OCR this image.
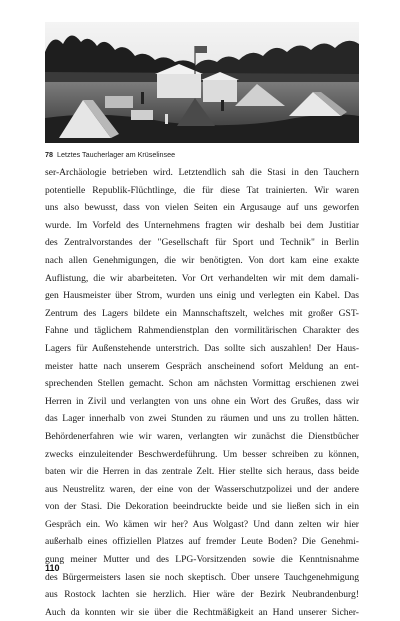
78 Letztes Taucherlager am Krüselinsee
ser-Archäologie betrieben wird. Letztendlich sah die Stasi in den Tauchern
potentielle Republik-Flüchtlinge, die für diese Tat trainierten. Wir waren
uns also bewusst, dass von vielen Seiten ein Argusauge auf uns geworfen
wurde. Im Vorfeld des Unternehmens fragten wir deshalb bei dem Justitiar
des Zentralvorstandes der "Gesellschaft für Sport und Technik" in Berlin
nach allen Genehmigungen, die wir benötigten. Von dort kam eine exakte
Auflistung, die wir abarbeiteten. Vor Ort verhandelten wir mit dem damali-
gen Hausmeister über Strom, wurden uns einig und verlegten ein Kabel. Das
Zentrum des Lagers bildete ein Mannschaftszelt, welches mit großer GST-
Fahne und täglichem Rahmendienstplan den vormilitärischen Charakter des
Lagers für Außenstehende unterstrich. Das sollte sich auszahlen! Der Haus-
meister hatte nach unserem Gespräch anscheinend sofort Meldung an ent-
sprechenden Stellen gemacht. Schon am nächsten Vormittag erschienen zwei
Herren in Zivil und verlangten von uns ohne ein Wort des Grußes, dass wir
das Lager innerhalb von zwei Stunden zu räumen und uns zu trollen hätten.
Behördenerfahren wie wir waren, verlangten wir zunächst die Dienstbücher
zwecks einzuleitender Beschwerdeführung. Um besser schreiben zu können,
baten wir die Herren in das zentrale Zelt. Hier stellte sich heraus, dass beide
aus Neustrelitz waren, der eine von der Wasserschutzpolizei und der andere
von der Stasi. Die Dekoration beeindruckte beide und sie ließen sich in ein
Gespräch ein. Wo kämen wir her? Aus Wolgast? Und dann zelten wir hier
außerhalb eines offiziellen Platzes auf fremder Leute Boden? Die Genehmi-
gung meiner Mutter und des LPG-Vorsitzenden sowie die Kenntnisnahme
des Bürgermeisters lasen sie noch skeptisch. Über unsere Tauchgenehmigung
aus Rostock lachten sie herzlich. Hier wäre der Bezirk Neubrandenburg!
Auch da konnten wir sie über die Rechtmäßigkeit an Hand unserer Sicher-
110
